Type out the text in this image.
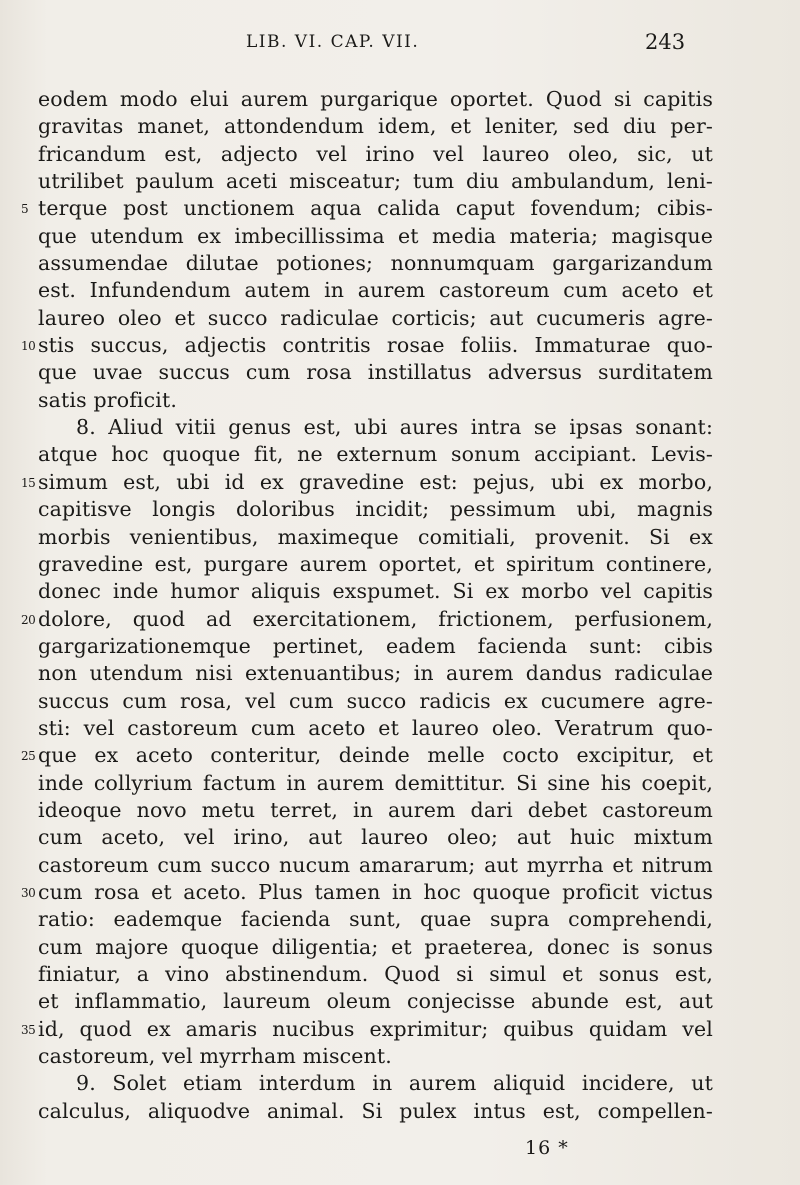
LIB. VI. CAP. VII.	243
eodem modo elui aurem purgarique oportet. Quod si capitis
gravitas manet, attondendum idem, et leniter, sed diu per-
fricandum est, adjecto vel irino vel laureo oleo, sic, ut
utrilibet paulum aceti misceatur; tum diu ambulandum, leni-
5 terque post unctionem aqua calida caput fovendum; cibis-
que utendum ex imbecillissima et media materia; magisque
assumendae dilutae potiones; nonnumquam gargarizandum
est. Infundendum autem in aurem castoreum cum aceto et
laureo oleo et succo radiculae corticis; aut cucumeris agre-
10 stis succus, adjectis contritis rosae foliis. Immaturae quo-
que uvae succus cum rosa instillatus adversus surditatem
satis proficit.
8. Aliud vitii genus est, ubi aures intra se ipsas sonant:
atque hoc quoque fit, ne externum sonum accipiant. Levis-
15 simum est, ubi id ex gravedine est: pejus, ubi ex morbo,
capitisve longis doloribus incidit; pessimum ubi, magnis
morbis venientibus, maximeque comitiali, provenit. Si ex
gravedine est, purgare aurem oportet, et spiritum continere,
donec inde humor aliquis exspumet. Si ex morbo vel capitis
20 dolore, quod ad exercitationem, frictionem, perfusionem,
gargarizationemque pertinet, eadem facienda sunt: cibis
non utendum nisi extenuantibus; in aurem dandus radiculae
succus cum rosa, vel cum succo radicis ex cucumere agre-
sti: vel castoreum cum aceto et laureo oleo. Veratrum quo-
25 que ex aceto conteritur, deinde melle cocto excipitur, et
inde collyrium factum in aurem demittitur. Si sine his coepit,
ideoque novo metu terret, in aurem dari debet castoreum
cum aceto, vel irino, aut laureo oleo; aut huic mixtum
castoreum cum succo nucum amararum; aut myrrha et nitrum
30 cum rosa et aceto. Plus tamen in hoc quoque proficit victus
ratio: eademque facienda sunt, quae supra comprehendi,
cum majore quoque diligentia; et praeterea, donec is sonus
finiatur, a vino abstinendum. Quod si simul et sonus est,
et inflammatio, laureum oleum conjecisse abunde est, aut
35 id, quod ex amaris nucibus exprimitur; quibus quidam vel
castoreum, vel myrrham miscent.
9. Solet etiam interdum in aurem aliquid incidere, ut
calculus, aliquodve animal. Si pulex intus est, compellen-
16 *
